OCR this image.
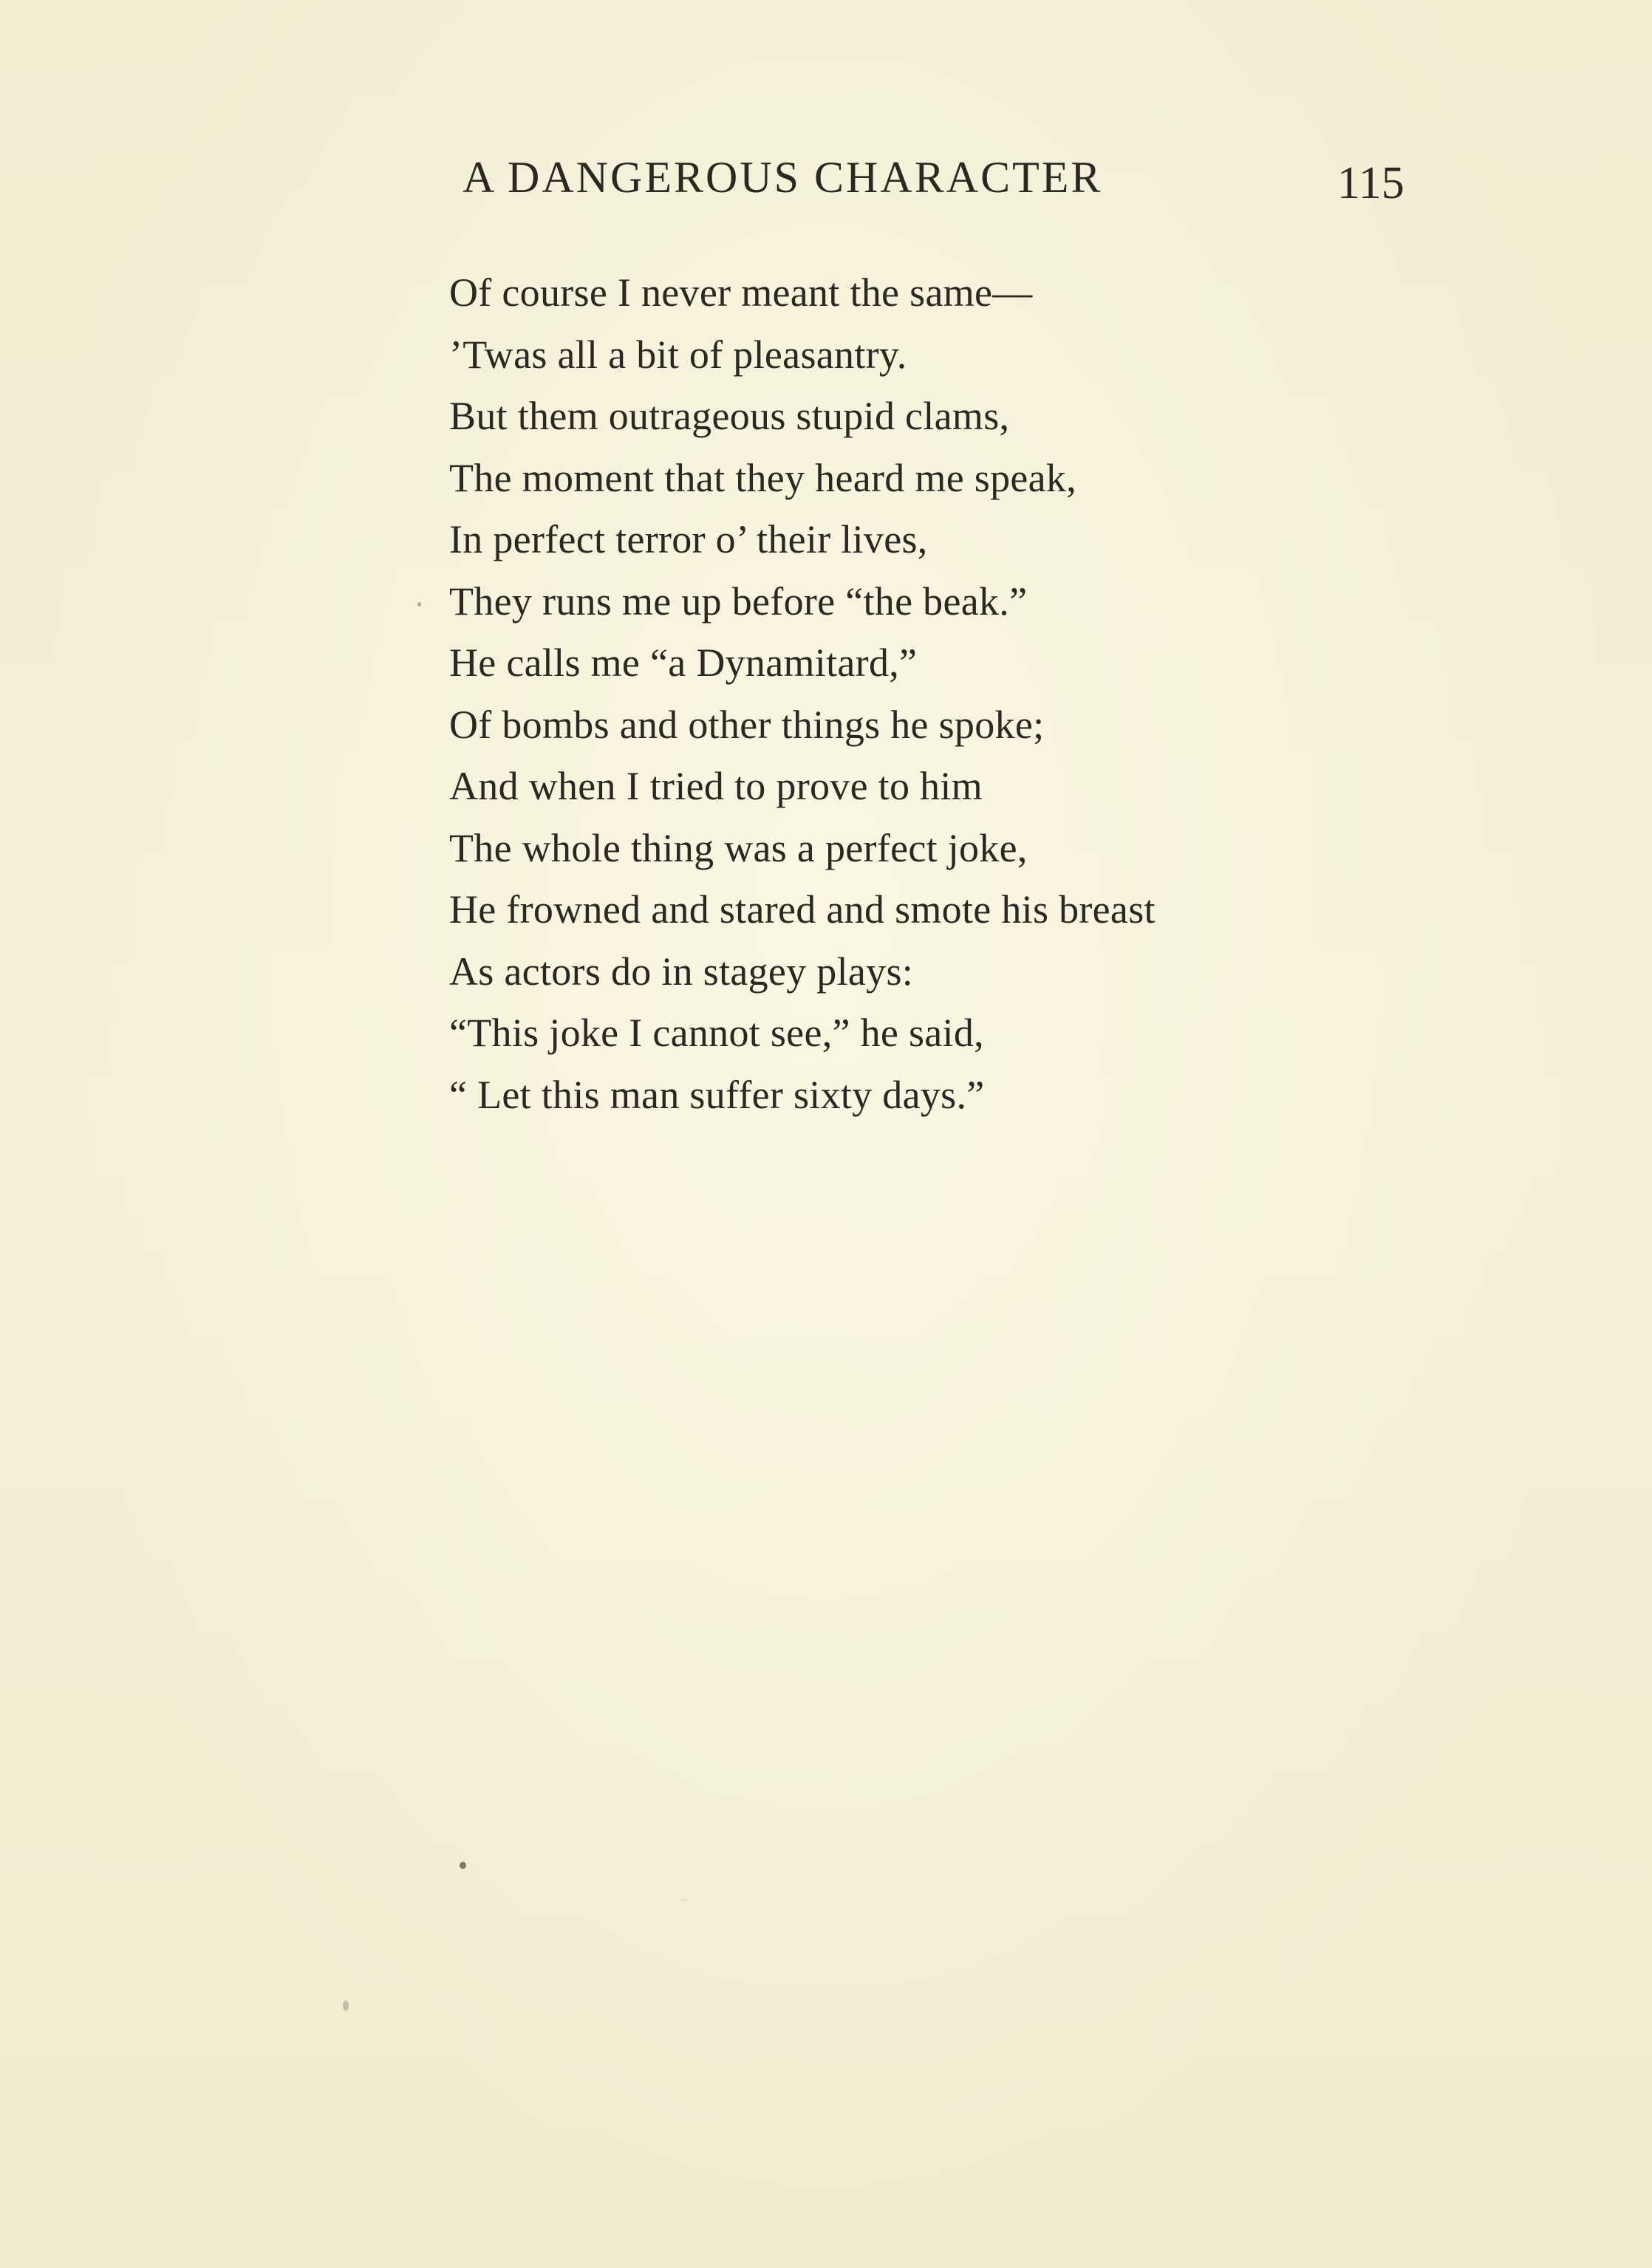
A DANGEROUS CHARACTER	115
Of course I never meant the same—
’Twas all a bit of pleasantry.
But them outrageous stupid clams,
The moment that they heard me speak,
In perfect terror o’ their lives,
They runs me up before “the beak.”
He calls me “a Dynamitard,”
Of bombs and other things he spoke;
And when I tried to prove to him
The whole thing was a perfect joke,
He frowned and stared and smote his breast
As actors do in stagey plays:
“This joke I cannot see,” he said,
“ Let this man suffer sixty days.”
